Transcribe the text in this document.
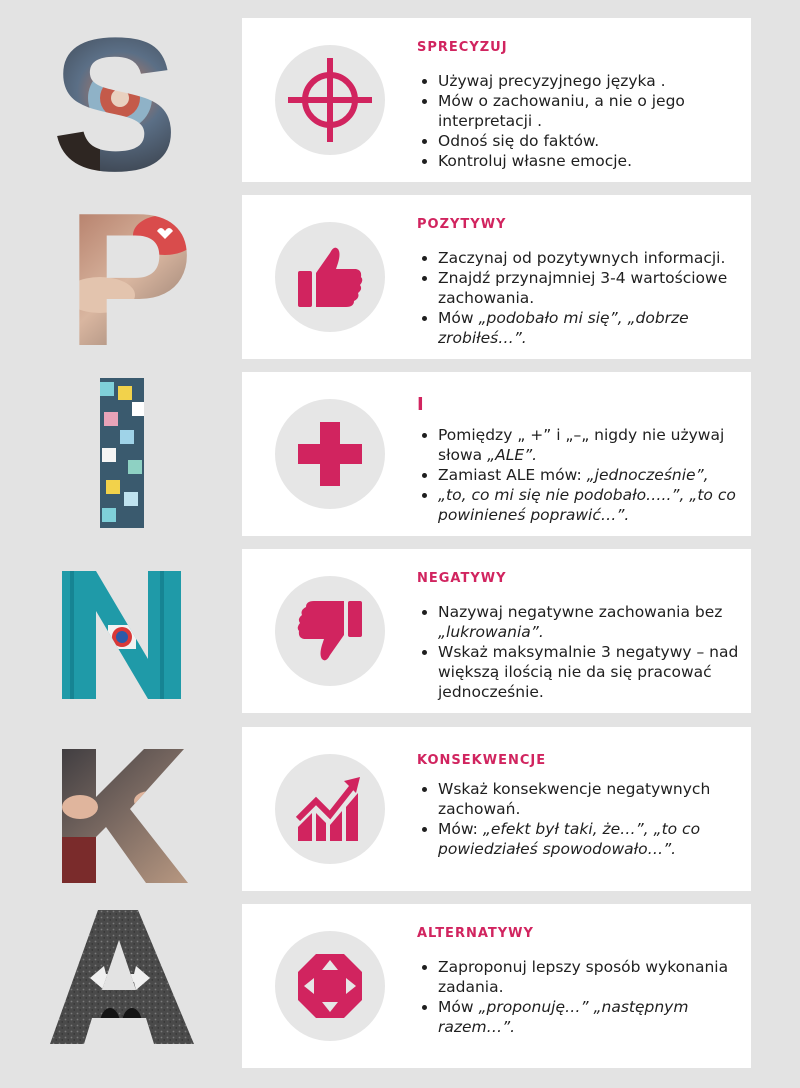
SPRECYZUJ
• Używaj precyzyjnego języka .
• Mów o zachowaniu, a nie o jego interpretacji .
• Odnoś się do faktów.
• Kontroluj własne emocje.
POZYTYWY
• Zaczynaj od pozytywnych informacji.
• Znajdź przynajmniej 3-4 wartościowe zachowania.
• Mów „podobało mi się”, „dobrze zrobiłeś…”.
I
I
• Pomiędzy „ +” i „–„ nigdy nie używaj słowa „ALE”.
• Zamiast ALE mów: „jednocześnie”,
• „to, co mi się nie podobało…..”, „to co powinieneś poprawić…”.
N
NEGATYWY
• Nazywaj negatywne zachowania bez „lukrowania”.
• Wskaż maksymalnie 3 negatywy – nad większą ilością nie da się pracować jednocześnie.
K
KONSEKWENCJE
• Wskaż konsekwencje negatywnych zachowań.
• Mów: „efekt był taki, że…”, „to co powiedziałeś spowodowało…”.
A
ALTERNATYWY
• Zaproponuj lepszy sposób wykonania zadania.
• Mów „proponuję…” „następnym razem…”.
